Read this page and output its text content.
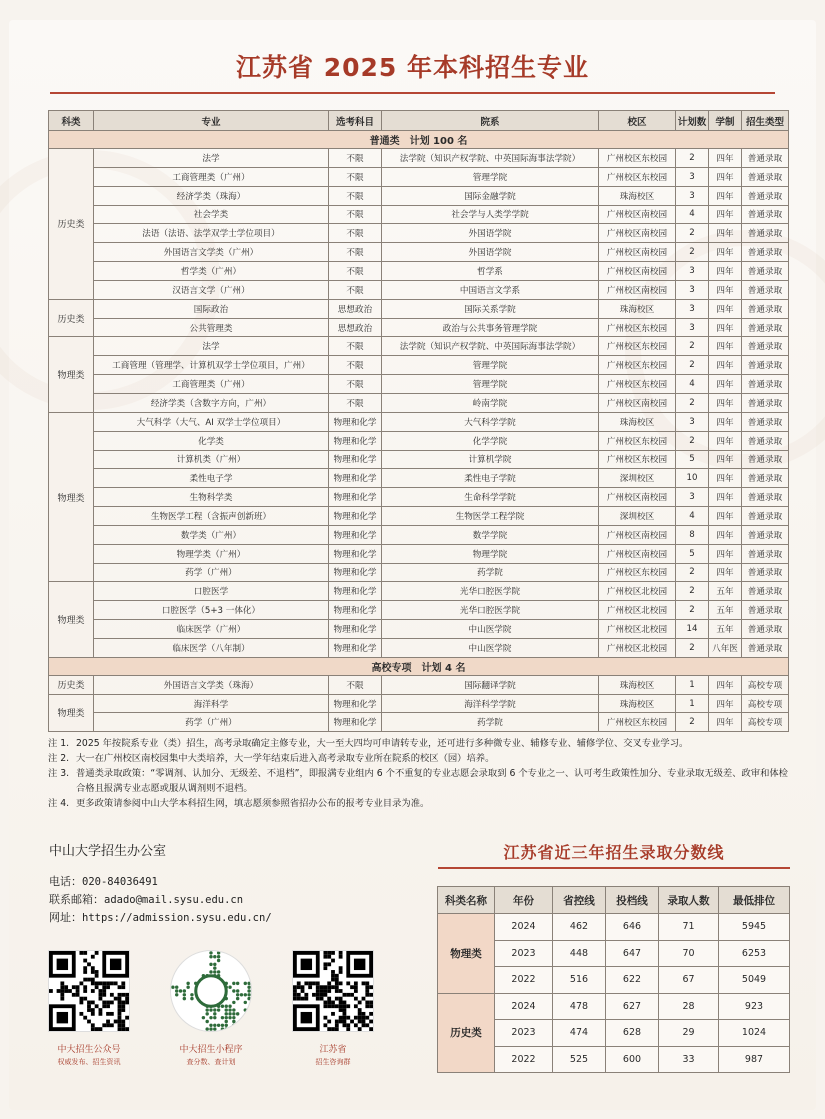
江苏省 2025 年本科招生专业
科类	专业	选考科目	院系	校区	计划数	学制	招生类型
普通类　计划 100 名							
历史类	法学	不限	法学院（知识产权学院、中英国际海事法学院）	广州校区东校园	2	四年	普通录取
	工商管理类（广州）	不限	管理学院	广州校区东校园	3	四年	普通录取
	经济学类（珠海）	不限	国际金融学院	珠海校区	3	四年	普通录取
	社会学类	不限	社会学与人类学学院	广州校区南校园	4	四年	普通录取
	法语（法语、法学双学士学位项目）	不限	外国语学院	广州校区南校园	2	四年	普通录取
	外国语言文学类（广州）	不限	外国语学院	广州校区南校园	2	四年	普通录取
	哲学类（广州）	不限	哲学系	广州校区南校园	3	四年	普通录取
	汉语言文学（广州）	不限	中国语言文学系	广州校区南校园	3	四年	普通录取
历史类	国际政治	思想政治	国际关系学院	珠海校区	3	四年	普通录取
	公共管理类	思想政治	政治与公共事务管理学院	广州校区东校园	3	四年	普通录取
物理类	法学	不限	法学院（知识产权学院、中英国际海事法学院）	广州校区东校园	2	四年	普通录取
	工商管理（管理学、计算机双学士学位项目，广州）	不限	管理学院	广州校区东校园	2	四年	普通录取
	工商管理类（广州）	不限	管理学院	广州校区东校园	4	四年	普通录取
	经济学类（含数字方向，广州）	不限	岭南学院	广州校区南校园	2	四年	普通录取
物理类	大气科学（大气、AI 双学士学位项目）	物理和化学	大气科学学院	珠海校区	3	四年	普通录取
	化学类	物理和化学	化学学院	广州校区东校园	2	四年	普通录取
	计算机类（广州）	物理和化学	计算机学院	广州校区东校园	5	四年	普通录取
	柔性电子学	物理和化学	柔性电子学院	深圳校区	10	四年	普通录取
	生物科学类	物理和化学	生命科学学院	广州校区南校园	3	四年	普通录取
	生物医学工程（含振声创新班）	物理和化学	生物医学工程学院	深圳校区	4	四年	普通录取
	数学类（广州）	物理和化学	数学学院	广州校区南校园	8	四年	普通录取
	物理学类（广州）	物理和化学	物理学院	广州校区南校园	5	四年	普通录取
	药学（广州）	物理和化学	药学院	广州校区东校园	2	四年	普通录取
物理类	口腔医学	物理和化学	光华口腔医学院	广州校区北校园	2	五年	普通录取
	口腔医学（5+3 一体化）	物理和化学	光华口腔医学院	广州校区北校园	2	五年	普通录取
	临床医学（广州）	物理和化学	中山医学院	广州校区北校园	14	五年	普通录取
	临床医学（八年制）	物理和化学	中山医学院	广州校区北校园	2	八年医	普通录取
高校专项　计划 4 名							
历史类	外国语言文学类（珠海）	不限	国际翻译学院	珠海校区	1	四年	高校专项
物理类	海洋科学	物理和化学	海洋科学学院	珠海校区	1	四年	高校专项
	药学（广州）	物理和化学	药学院	广州校区东校园	2	四年	高校专项
注 1. 2025 年按院系专业（类）招生，高考录取确定主修专业，大一至大四均可申请转专业，还可进行多种微专业、辅修专业、辅修学位、交叉专业学习。
注 2. 大一在广州校区南校园集中大类培养，大一学年结束后进入高考录取专业所在院系的校区（园）培养。
注 3. 普通类录取政策：“零调剂、认加分、无级差、不退档”，即报满专业组内 6 个不重复的专业志愿会录取到 6 个专业之一、认可考生政策性加分、专业录取无级差、政审和体检合格且报满专业志愿或服从调剂则不退档。
注 4. 更多政策请参阅中山大学本科招生网，填志愿须参照省招办公布的报考专业目录为准。
中山大学招生办公室
电话：020-84036491
联系邮箱：adado@mail.sysu.edu.cn
网址：https://admission.sysu.edu.cn/
中大招生公众号
权威发布、招生资讯
中大招生小程序
查分数、查计划
江苏省
招生咨询群
江苏省近三年招生录取分数线
科类名称	年份	省控线	投档线	录取人数	最低排位
物理类	2024	462	646	71	5945
	2023	448	647	70	6253
	2022	516	622	67	5049
历史类	2024	478	627	28	923
	2023	474	628	29	1024
	2022	525	600	33	987
